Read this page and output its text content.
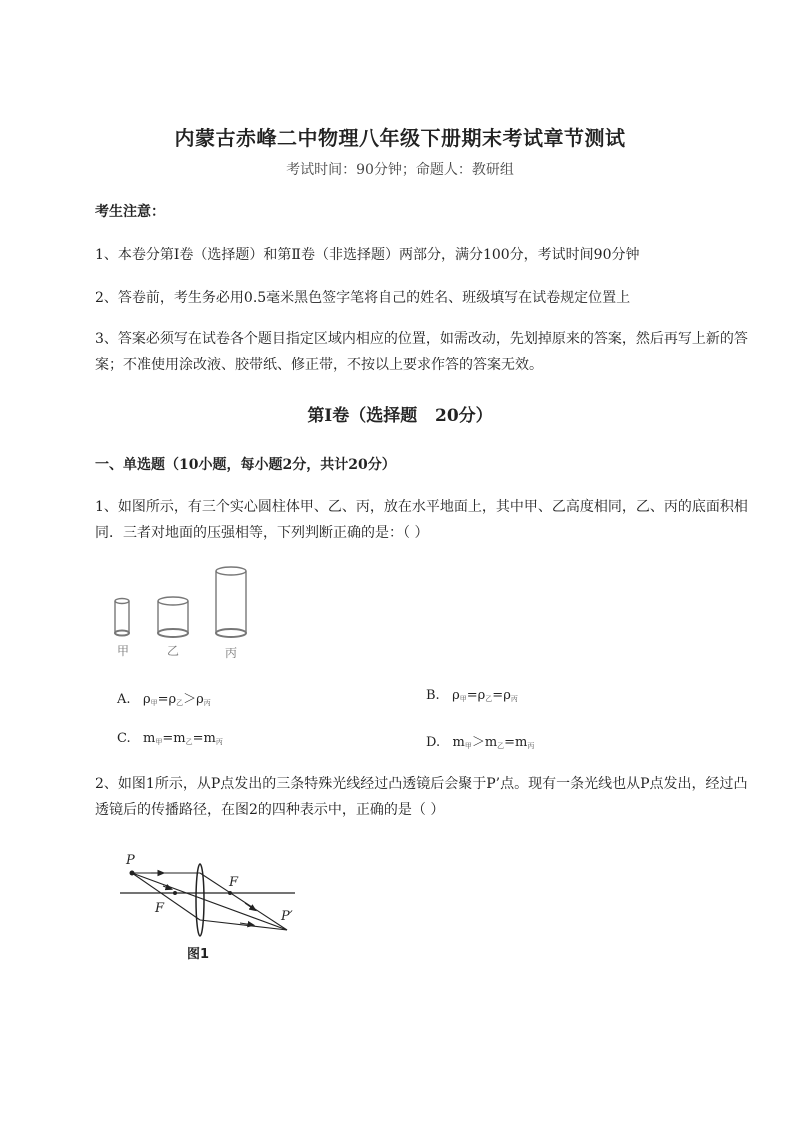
内蒙古赤峰二中物理八年级下册期末考试章节测试
考试时间：90分钟；命题人：教研组
考生注意：
1、本卷分第I卷（选择题）和第Ⅱ卷（非选择题）两部分，满分100分，考试时间90分钟
2、答卷前，考生务必用0.5毫米黑色签字笔将自己的姓名、班级填写在试卷规定位置上
3、答案必须写在试卷各个题目指定区域内相应的位置，如需改动，先划掉原来的答案，然后再写上新的答案；不准使用涂改液、胶带纸、修正带，不按以上要求作答的答案无效。
第I卷（选择题   20分）
一、单选题（10小题，每小题2分，共计20分）
1、如图所示，有三个实心圆柱体甲、乙、丙，放在水平地面上，其中甲、乙高度相同，乙、丙的底面积相同．三者对地面的压强相等，下列判断正确的是：（ ）
甲	乙	丙
A. $\rho_甲=\rho_乙>\rho_丙$	B. $\rho_甲=\rho_乙=\rho_丙$
C. $m_甲=m_乙=m_丙$	D. $m_甲>m_乙=m_丙$
2、如图1所示，从P点发出的三条特殊光线经过凸透镜后会聚于P’点。现有一条光线也从P点发出，经过凸透镜后的传播路径，在图2的四种表示中，正确的是（ ）
P
F
F
P′
图1
